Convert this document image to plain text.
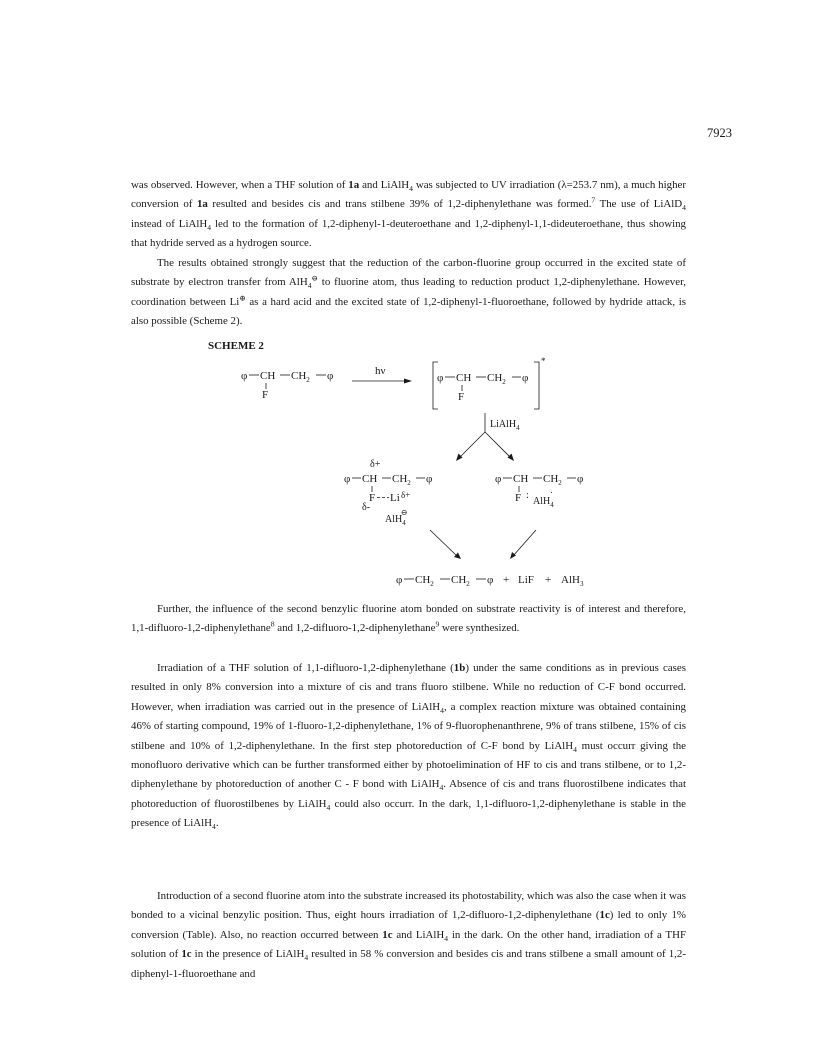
7923

was observed. However, when a THF solution of 1a and LiAlH$_4$ was subjected to UV irradiation (λ=253.7 nm), a much higher conversion of 1a resulted and besides cis and trans stilbene 39% of 1,2-diphenylethane was formed.$^7$ The use of LiAlD$_4$ instead of LiAlH$_4$ led to the formation of 1,2-diphenyl-1-deuteroethane and 1,2-diphenyl-1,1-dideuteroethane, thus showing that hydride served as a hydrogen source.

The results obtained strongly suggest that the reduction of the carbon-fluorine group occurred in the excited state of substrate by electron transfer from AlH$_4$⊖ to fluorine atom, thus leading to reduction product 1,2-diphenylethane. However, coordination between Li⊕ as a hard acid and the excited state of 1,2-diphenyl-1-fluoroethane, followed by hydride attack, is also possible (Scheme 2).

SCHEME 2
φ CH $CH_2$ φ
F
hν
*
φ CH $CH_2$ φ
F
LiAlH$_4$
δ+
φ CH $CH_2$ φ
F Li δ+
δ-
AlH$_4$⊖
φ CH $CH_2$ φ
F :
AlH$_4$˙
φ $CH_2$ $CH_2$ φ + LiF + AlH$_3$

Further, the influence of the second benzylic fluorine atom bonded on substrate reactivity is of interest and therefore, 1,1-difluoro-1,2-diphenylethane$^8$ and 1,2-difluoro-1,2-diphenylethane$^9$ were synthesized.

Irradiation of a THF solution of 1,1-difluoro-1,2-diphenylethane (1b) under the same conditions as in previous cases resulted in only 8% conversion into a mixture of cis and trans fluoro stilbene. While no reduction of C-F bond occurred. However, when irradiation was carried out in the presence of LiAlH$_4$, a complex reaction mixture was obtained containing 46% of starting compound, 19% of 1-fluoro-1,2-diphenylethane, 1% of 9-fluorophenanthrene, 9% of trans stilbene, 15% of cis stilbene and 10% of 1,2-diphenylethane. In the first step photoreduction of C-F bond by LiAlH$_4$ must occurr giving the monofluoro derivative which can be further transformed either by photoelimination of HF to cis and trans stilbene, or to 1,2-diphenylethane by photoreduction of another C - F bond with LiAlH$_4$. Absence of cis and trans fluorostilbene indicates that photoreduction of fluorostilbenes by LiAlH$_4$ could also occurr. In the dark, 1,1-difluoro-1,2-diphenylethane is stable in the presence of LiAlH$_4$.

Introduction of a second fluorine atom into the substrate increased its photostability, which was also the case when it was bonded to a vicinal benzylic position. Thus, eight hours irradiation of 1,2-difluoro-1,2-diphenylethane (1c) led to only 1% conversion (Table). Also, no reaction occurred between 1c and LiAlH$_4$ in the dark. On the other hand, irradiation of a THF solution of 1c in the presence of LiAlH$_4$ resulted in 58 % conversion and besides cis and trans stilbene a small amount of 1,2-diphenyl-1-fluoroethane and
